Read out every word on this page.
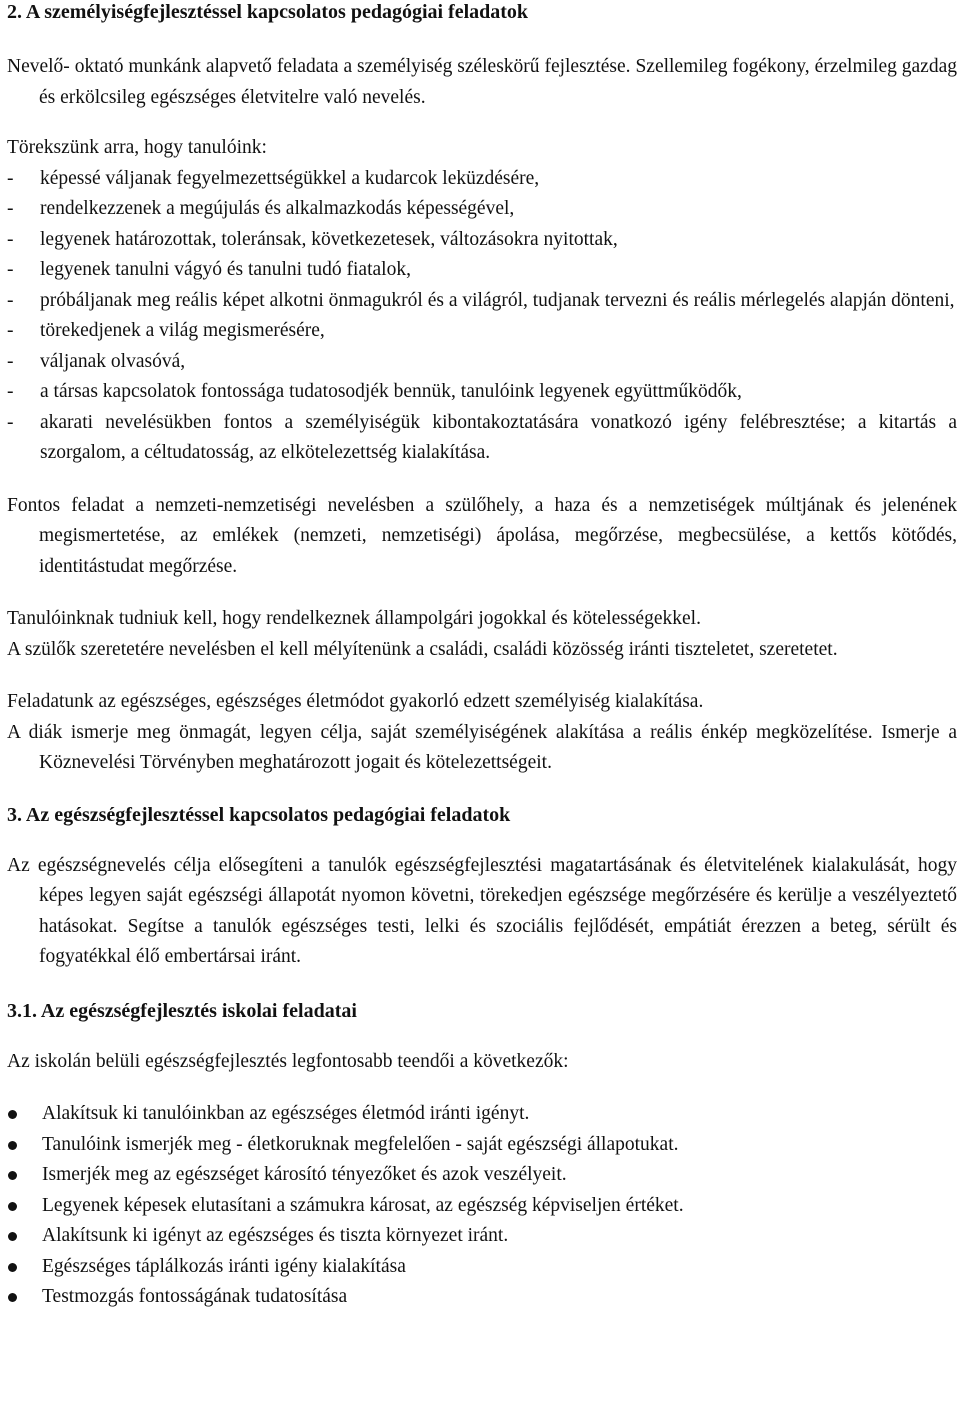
2. A személyiségfejlesztéssel kapcsolatos pedagógiai feladatok

Nevelő- oktató munkánk alapvető feladata a személyiség széleskörű fejlesztése. Szellemileg fogékony, érzelmileg gazdag és erkölcsileg egészséges életvitelre való nevelés.

Törekszünk arra, hogy tanulóink:

-	képessé váljanak fegyelmezettségükkel a kudarcok leküzdésére,
-	rendelkezzenek a megújulás és alkalmazkodás képességével,
-	legyenek határozottak, toleránsak, következetesek, változásokra nyitottak,
-	legyenek tanulni vágyó és tanulni tudó fiatalok,
-	próbáljanak meg reális képet alkotni önmagukról és a világról, tudjanak tervezni és reális mérlegelés alapján dönteni,
-	törekedjenek a világ megismerésére,
-	váljanak olvasóvá,
-	a társas kapcsolatok fontossága tudatosodjék bennük, tanulóink legyenek együttműködők,
-	akarati nevelésükben fontos a személyiségük kibontakoztatására vonatkozó igény felébresztése; a kitartás a szorgalom, a céltudatosság, az elkötelezettség kialakítása.

Fontos feladat a nemzeti-nemzetiségi nevelésben a szülőhely, a haza és a nemzetiségek múltjának és jelenének megismertetése, az emlékek (nemzeti, nemzetiségi) ápolása, megőrzése, megbecsülése, a kettős kötődés, identitástudat megőrzése.

Tanulóinknak tudniuk kell, hogy rendelkeznek állampolgári jogokkal és kötelességekkel.

A szülők szeretetére nevelésben el kell mélyítenünk a családi, családi közösség iránti tiszteletet, szeretetet.

Feladatunk az egészséges, egészséges életmódot gyakorló edzett személyiség kialakítása.

A diák ismerje meg önmagát, legyen célja, saját személyiségének alakítása a reális énkép megközelítése. Ismerje a Köznevelési Törvényben meghatározott jogait és kötelezettségeit.

3. Az egészségfejlesztéssel kapcsolatos pedagógiai feladatok

Az egészségnevelés célja elősegíteni a tanulók egészségfejlesztési magatartásának és életvitelének kialakulását, hogy képes legyen saját egészségi állapotát nyomon követni, törekedjen egészsége megőrzésére és kerülje a veszélyeztető hatásokat. Segítse a tanulók egészséges testi, lelki és szociális fejlődését, empátiát érezzen a beteg, sérült és fogyatékkal élő embertársai iránt.

3.1. Az egészségfejlesztés iskolai feladatai

Az iskolán belüli egészségfejlesztés legfontosabb teendői a következők:

Alakítsuk ki tanulóinkban az egészséges életmód iránti igényt.
Tanulóink ismerjék meg - életkoruknak megfelelően - saját egészségi állapotukat.
Ismerjék meg az egészséget károsító tényezőket és azok veszélyeit.
Legyenek képesek elutasítani a számukra károsat, az egészség képviseljen értéket.
Alakítsunk ki igényt az egészséges és tiszta környezet iránt.
Egészséges táplálkozás iránti igény kialakítása
Testmozgás fontosságának tudatosítása
